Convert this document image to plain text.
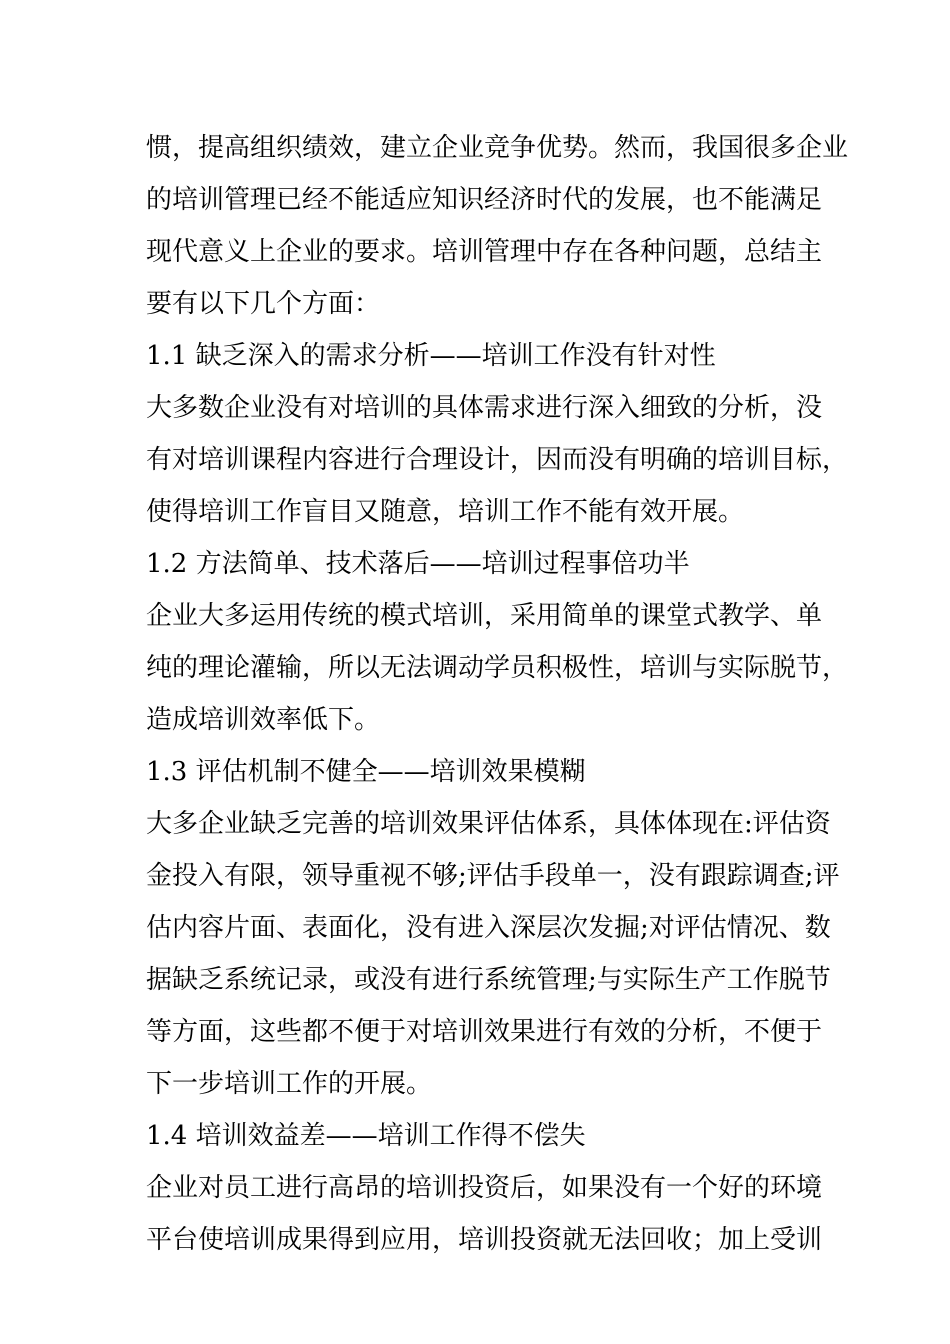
惯，提高组织绩效，建立企业竞争优势。然而，我国很多企业
的培训管理已经不能适应知识经济时代的发展，也不能满足
现代意义上企业的要求。培训管理中存在各种问题，总结主
要有以下几个方面：
1.1 缺乏深入的需求分析——培训工作没有针对性
大多数企业没有对培训的具体需求进行深入细致的分析，没
有对培训课程内容进行合理设计，因而没有明确的培训目标，
使得培训工作盲目又随意，培训工作不能有效开展。
1.2 方法简单、技术落后——培训过程事倍功半
企业大多运用传统的模式培训，采用简单的课堂式教学、单
纯的理论灌输，所以无法调动学员积极性，培训与实际脱节，
造成培训效率低下。
1.3 评估机制不健全——培训效果模糊
大多企业缺乏完善的培训效果评估体系，具体体现在:评估资
金投入有限，领导重视不够;评估手段单一，没有跟踪调查;评
估内容片面、表面化，没有进入深层次发掘;对评估情况、数
据缺乏系统记录，或没有进行系统管理;与实际生产工作脱节
等方面，这些都不便于对培训效果进行有效的分析，不便于
下一步培训工作的开展。
1.4 培训效益差——培训工作得不偿失
企业对员工进行高昂的培训投资后，如果没有一个好的环境
平台使培训成果得到应用，培训投资就无法回收；加上受训
